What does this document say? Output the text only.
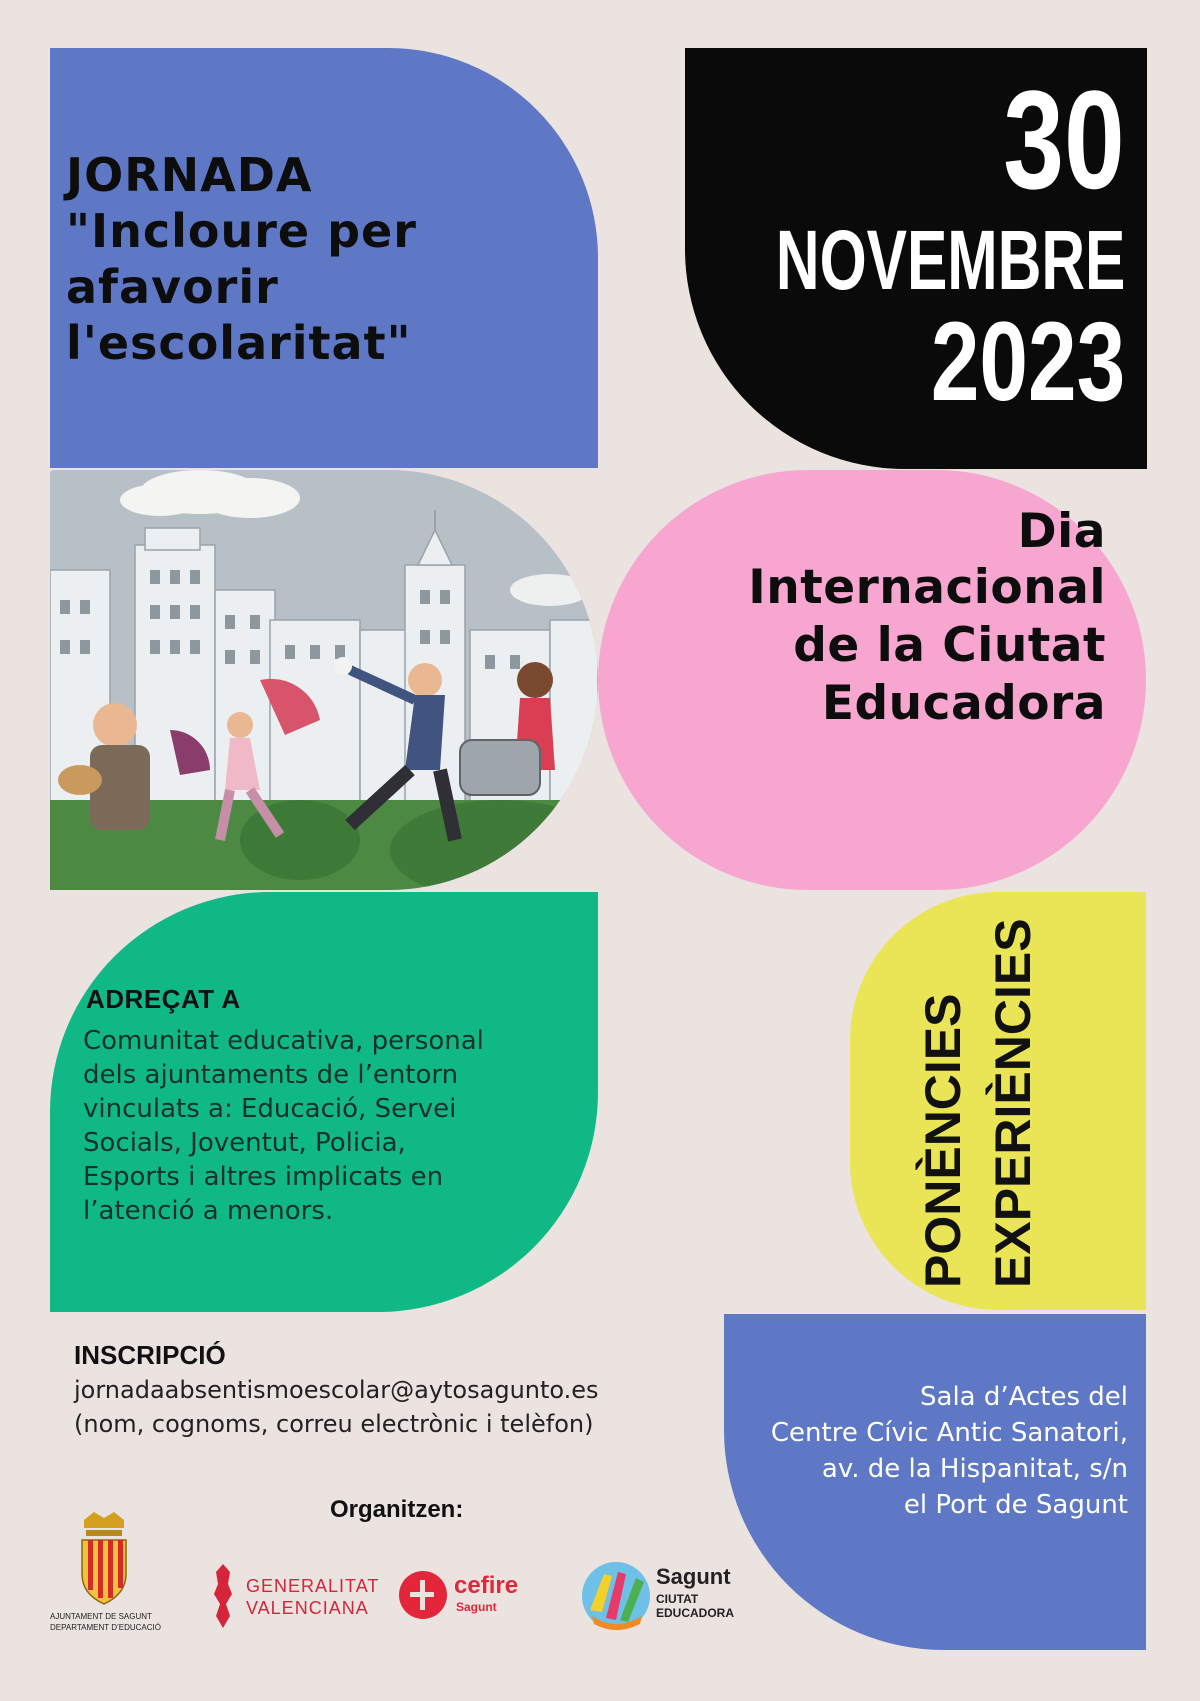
JORNADA
"Incloure per
afavorir
l'escolaritat"
30
NOVEMBRE
2023
Dia
Internacional
de la Ciutat
Educadora
ADREÇAT A
Comunitat educativa, personal
dels ajuntaments de l’entorn
vinculats a: Educació, Servei
Socials, Joventut, Policia,
Esports i altres implicats en
l’atenció a menors.	PONÈNCIES EXPERIÈNCIES
Sala d’Actes del
Centre Cívic Antic Sanatori,
av. de la Hispanitat, s/n
el Port de Sagunt
INSCRIPCIÓ
jornadaabsentismoescolar@aytosagunto.es
(nom, cognoms, correu electrònic i telèfon)
Organitzen:
AJUNTAMENT DE SAGUNT
DEPARTAMENT D’EDUCACIÓ
GENERALITAT
VALENCIANA
cefire
Sagunt
Sagunt
CIUTAT
EDUCADORA
